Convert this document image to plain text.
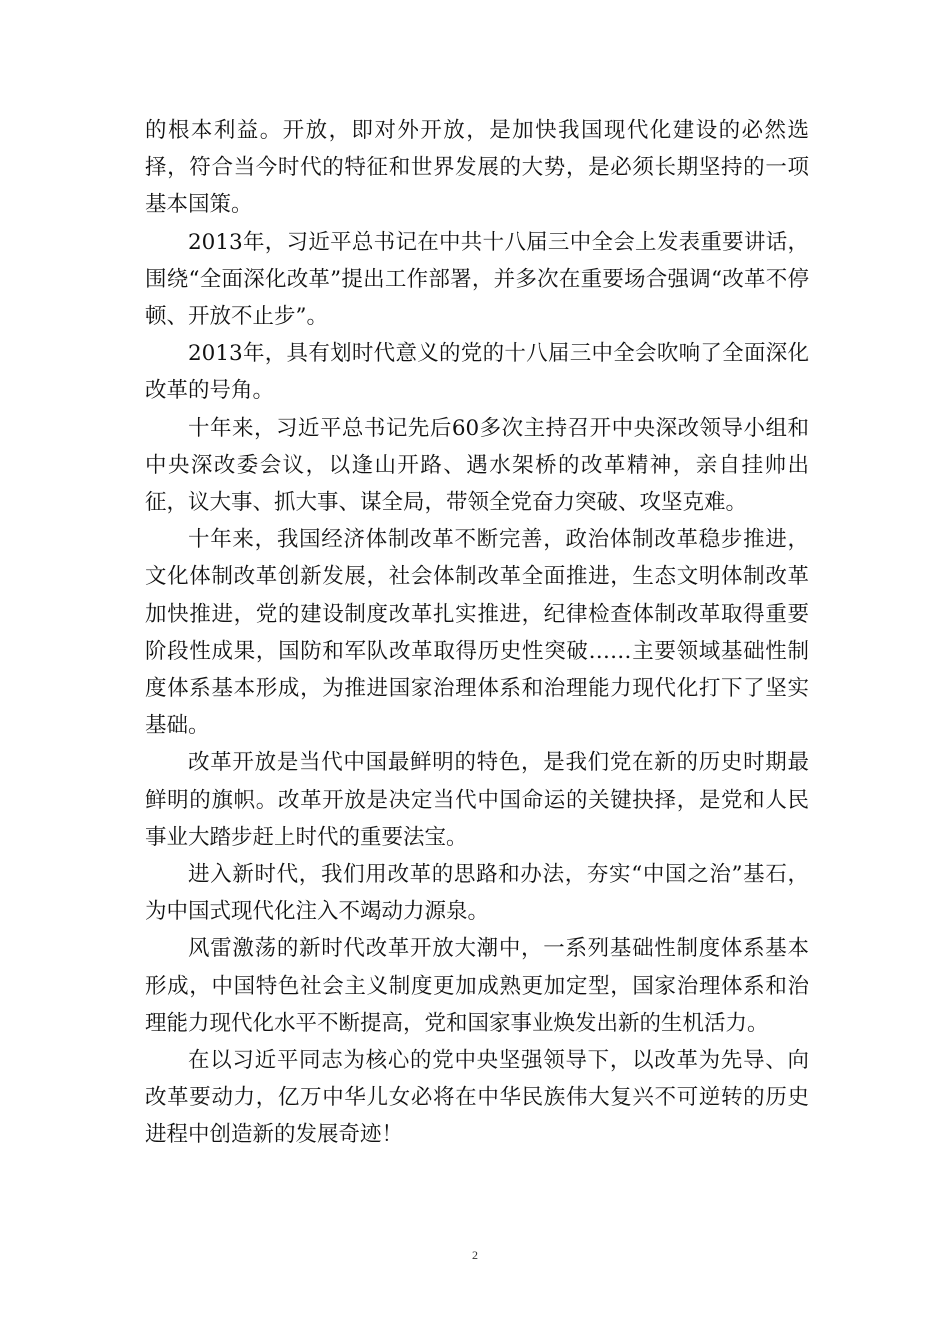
的根本利益。开放，即对外开放，是加快我国现代化建设的必然选择，符合当今时代的特征和世界发展的大势，是必须长期坚持的一项基本国策。

2013年，习近平总书记在中共十八届三中全会上发表重要讲话，围绕“全面深化改革”提出工作部署，并多次在重要场合强调“改革不停顿、开放不止步”。

2013年，具有划时代意义的党的十八届三中全会吹响了全面深化改革的号角。

十年来，习近平总书记先后60多次主持召开中央深改领导小组和中央深改委会议，以逢山开路、遇水架桥的改革精神，亲自挂帅出征，议大事、抓大事、谋全局，带领全党奋力突破、攻坚克难。

十年来，我国经济体制改革不断完善，政治体制改革稳步推进，文化体制改革创新发展，社会体制改革全面推进，生态文明体制改革加快推进，党的建设制度改革扎实推进，纪律检查体制改革取得重要阶段性成果，国防和军队改革取得历史性突破……主要领域基础性制度体系基本形成，为推进国家治理体系和治理能力现代化打下了坚实基础。

改革开放是当代中国最鲜明的特色，是我们党在新的历史时期最鲜明的旗帜。改革开放是决定当代中国命运的关键抉择，是党和人民事业大踏步赶上时代的重要法宝。

进入新时代，我们用改革的思路和办法，夯实“中国之治”基石，为中国式现代化注入不竭动力源泉。

风雷激荡的新时代改革开放大潮中，一系列基础性制度体系基本形成，中国特色社会主义制度更加成熟更加定型，国家治理体系和治理能力现代化水平不断提高，党和国家事业焕发出新的生机活力。

在以习近平同志为核心的党中央坚强领导下，以改革为先导、向改革要动力，亿万中华儿女必将在中华民族伟大复兴不可逆转的历史进程中创造新的发展奇迹！

2
